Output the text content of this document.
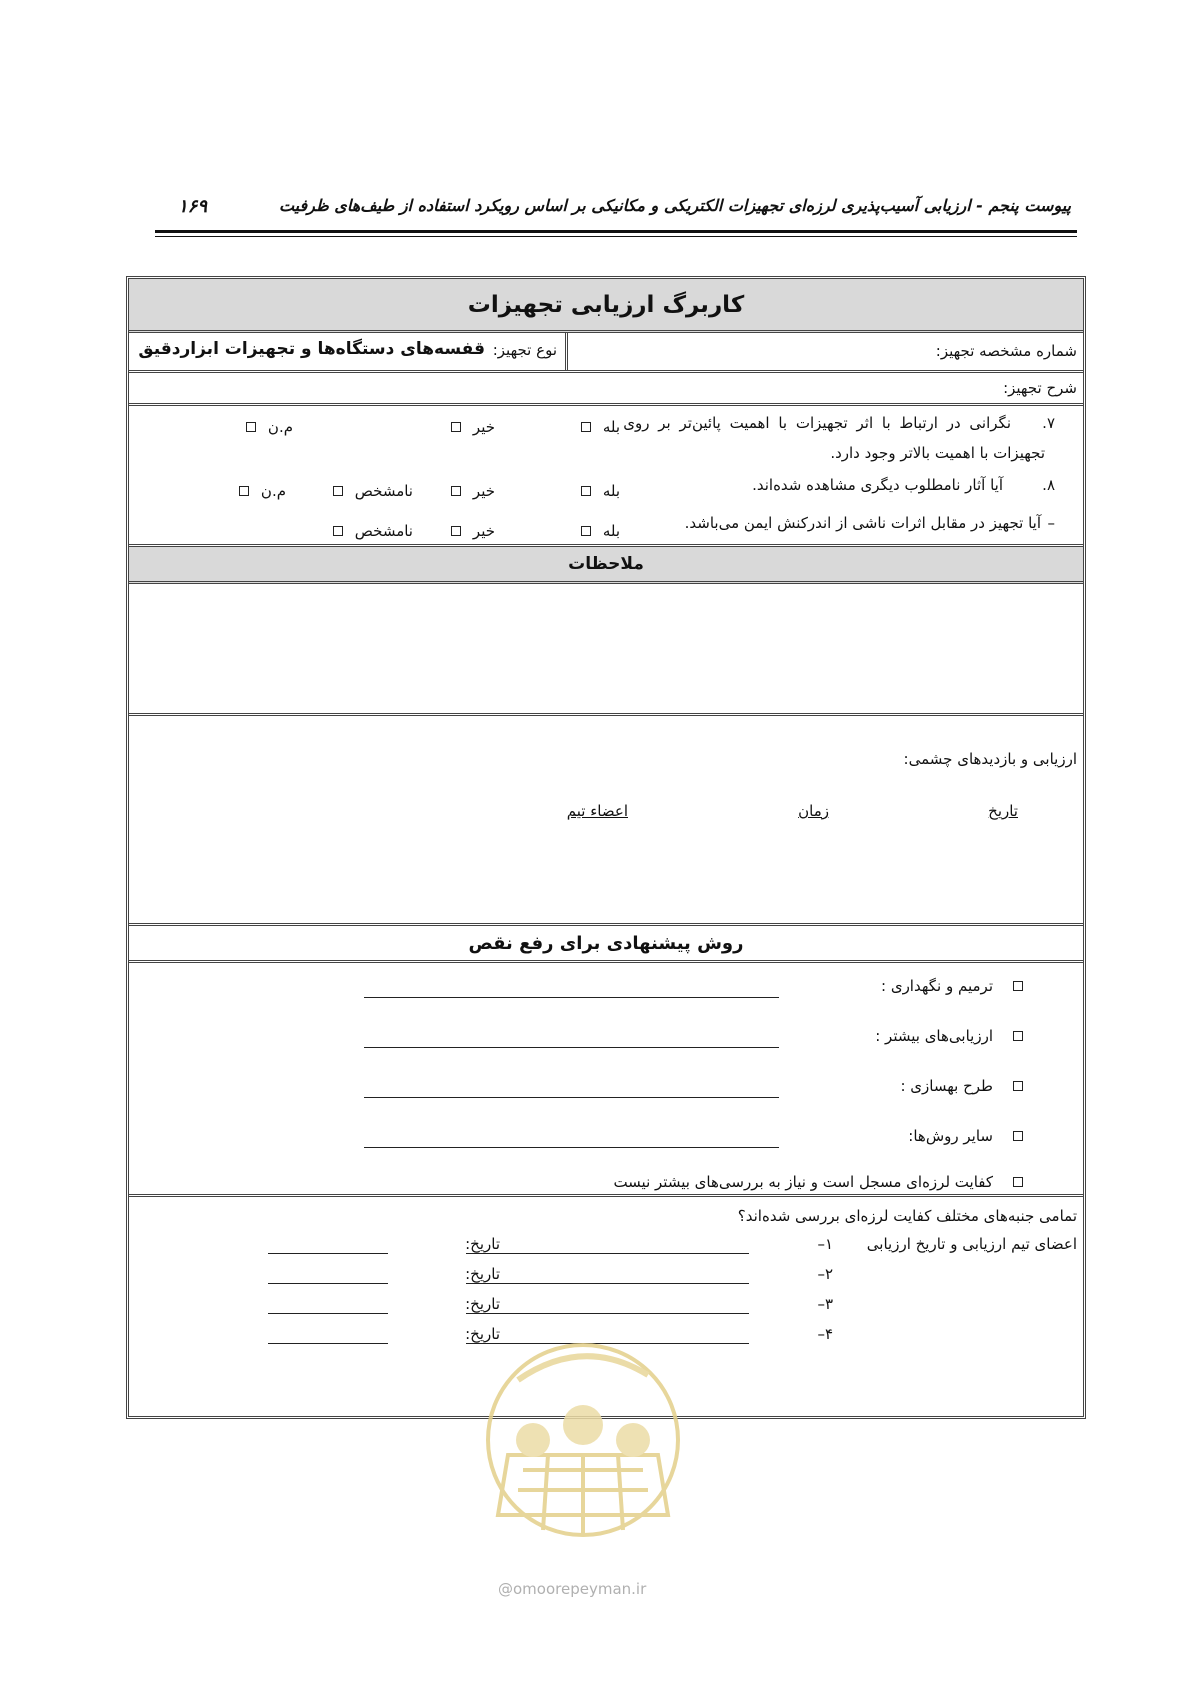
پیوست پنجم - ارزیابی آسیب‌پذیری لرزه‌ای تجهیزات الکتریکی و مکانیکی بر اساس رویکرد استفاده از طیف‌های ظرفیت
۱۶۹
کاربرگ ارزیابی تجهیزات
شماره مشخصه تجهیز:
نوع تجهیز:
قفسه‌های دستگاه‌ها و تجهیزات ابزاردقیق
شرح تجهیز:
۷.
نگرانی در ارتباط با اثر تجهیزات با اهمیت پائین‌تر بر روی
تجهیزات با اهمیت بالاتر وجود دارد.
بله
خیر
م.ن
۸.
آیا آثار نامطلوب دیگری مشاهده شده‌اند.
بله
خیر
نامشخص
م.ن
–
آیا تجهیز در مقابل اثرات ناشی از اندرکنش ایمن می‌باشد.
بله
خیر
نامشخص
ملاحظات
ارزیابی و بازدیدهای چشمی:
تاریخ
زمان
اعضاء تیم
روش پیشنهادی برای رفع نقص
ترمیم و نگهداری :
ارزیابی‌های بیشتر :
طرح بهسازی :
سایر روش‌ها:
کفایت لرزه‌ای مسجل است و نیاز به بررسی‌های بیشتر نیست
تمامی جنبه‌های مختلف کفایت لرزه‌ای بررسی شده‌اند؟
اعضای تیم ارزیابی و تاریخ ارزیابی
۱–
تاریخ:
۲–
تاریخ:
۳–
تاریخ:
۴–
تاریخ:
@omoorepeyman.ir
